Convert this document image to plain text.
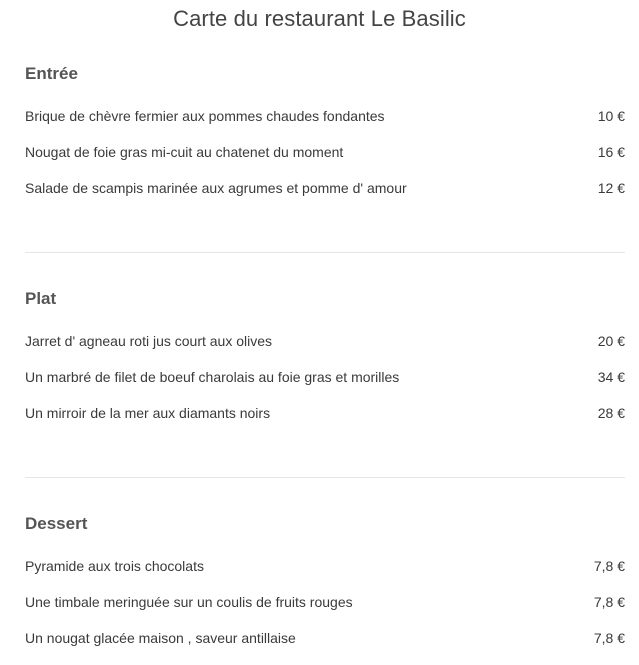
Carte du restaurant Le Basilic
Entrée
Brique de chèvre fermier aux pommes chaudes fondantes	10 €
Nougat de foie gras mi-cuit au chatenet du moment	16 €
Salade de scampis marinée aux agrumes et pomme d' amour	12 €
Plat
Jarret d' agneau roti jus court aux olives	20 €
Un marbré de filet de boeuf charolais au foie gras et morilles	34 €
Un mirroir de la mer aux diamants noirs	28 €
Dessert
Pyramide aux trois chocolats	7,8 €
Une timbale meringuée sur un coulis de fruits rouges	7,8 €
Un nougat glacée maison , saveur antillaise	7,8 €
